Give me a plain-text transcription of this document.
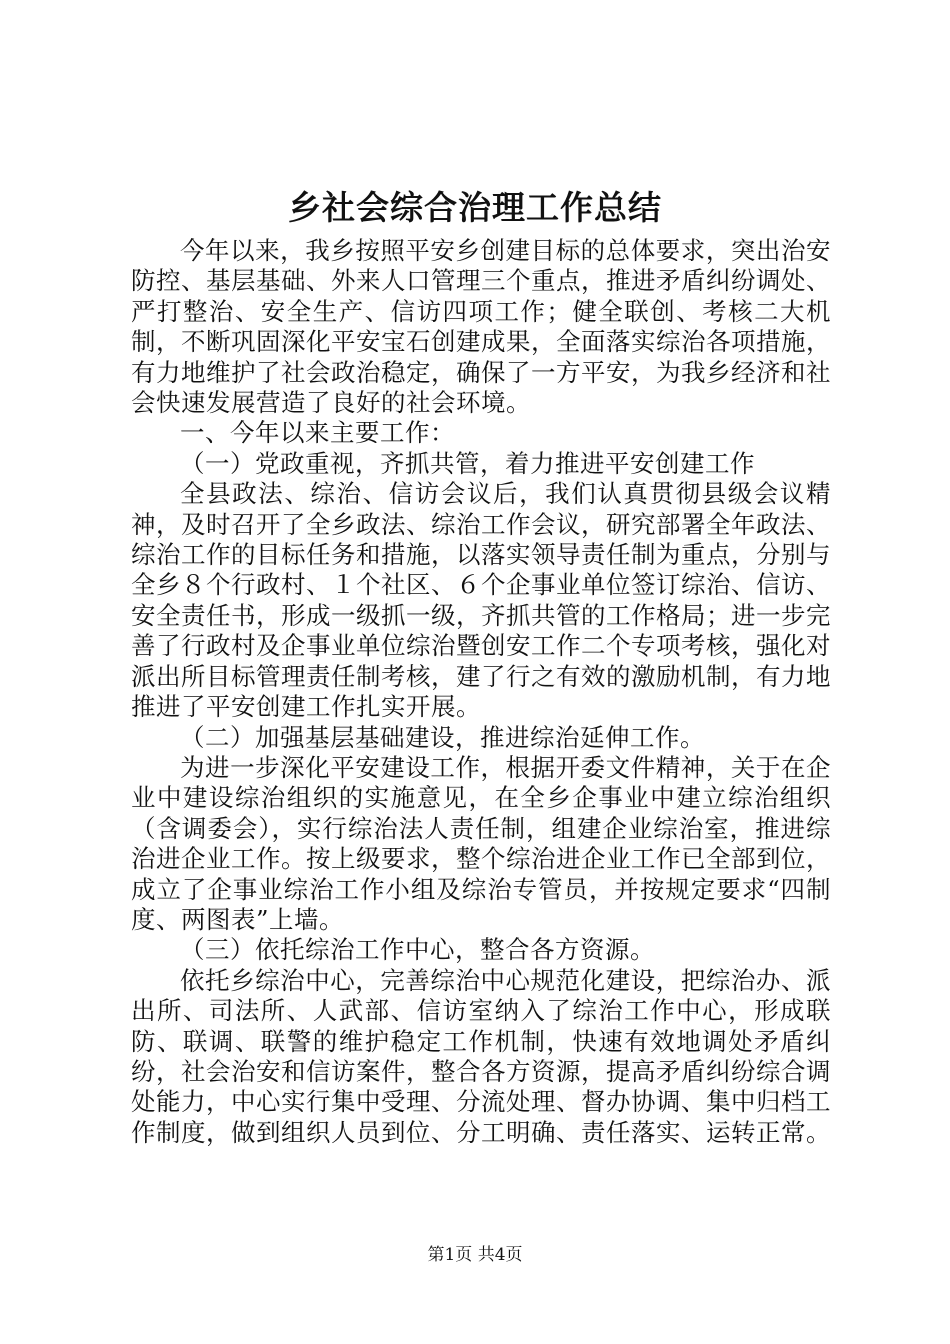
乡社会综合治理工作总结

今年以来，我乡按照平安乡创建目标的总体要求，突出治安防控、基层基础、外来人口管理三个重点，推进矛盾纠纷调处、严打整治、安全生产、信访四项工作；健全联创、考核二大机制，不断巩固深化平安宝石创建成果，全面落实综治各项措施，有力地维护了社会政治稳定，确保了一方平安，为我乡经济和社会快速发展营造了良好的社会环境。

一、今年以来主要工作：

（一）党政重视，齐抓共管，着力推进平安创建工作

全县政法、综治、信访会议后，我们认真贯彻县级会议精神，及时召开了全乡政法、综治工作会议，研究部署全年政法、综治工作的目标任务和措施，以落实领导责任制为重点，分别与全乡８个行政村、１个社区、６个企事业单位签订综治、信访、安全责任书，形成一级抓一级，齐抓共管的工作格局；进一步完善了行政村及企事业单位综治暨创安工作二个专项考核，强化对派出所目标管理责任制考核，建了行之有效的激励机制，有力地推进了平安创建工作扎实开展。

（二）加强基层基础建设，推进综治延伸工作。

为进一步深化平安建设工作，根据开委文件精神，关于在企业中建设综治组织的实施意见，在全乡企事业中建立综治组织（含调委会），实行综治法人责任制，组建企业综治室，推进综治进企业工作。按上级要求，整个综治进企业工作已全部到位，成立了企事业综治工作小组及综治专管员，并按规定要求“四制度、两图表”上墙。

（三）依托综治工作中心，整合各方资源。

依托乡综治中心，完善综治中心规范化建设，把综治办、派出所、司法所、人武部、信访室纳入了综治工作中心，形成联防、联调、联警的维护稳定工作机制，快速有效地调处矛盾纠纷，社会治安和信访案件，整合各方资源，提高矛盾纠纷综合调处能力，中心实行集中受理、分流处理、督办协调、集中归档工作制度，做到组织人员到位、分工明确、责任落实、运转正常。

第1页 共4页
